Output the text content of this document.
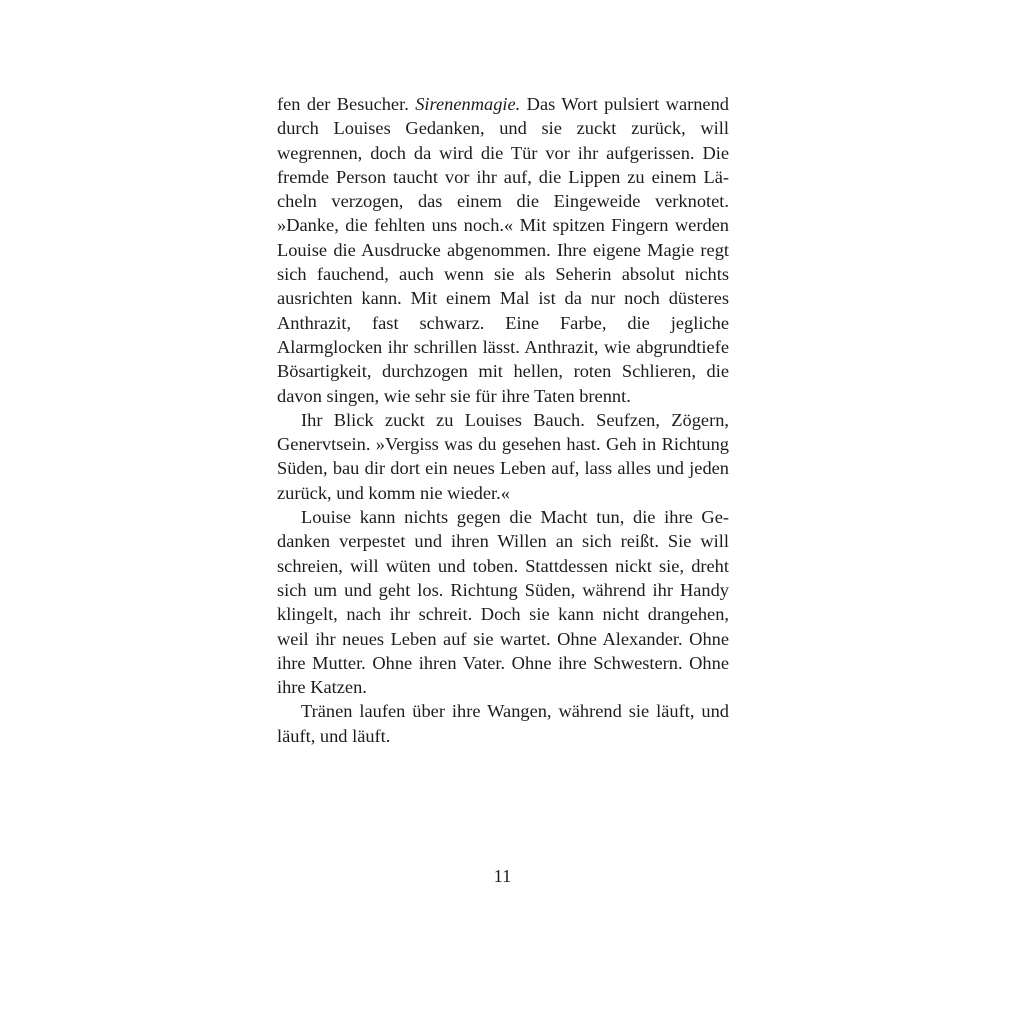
fen der Besucher. Sirenenmagie. Das Wort pulsiert warnend durch Louises Gedanken, und sie zuckt zurück, will wegrennen, doch da wird die Tür vor ihr aufgerissen. Die fremde Person taucht vor ihr auf, die Lippen zu einem Lächeln verzogen, das einem die Eingeweide verknotet. »Danke, die fehlten uns noch.« Mit spitzen Fingern werden Louise die Ausdrucke abgenommen. Ihre eigene Magie regt sich fauchend, auch wenn sie als Seherin absolut nichts ausrichten kann. Mit einem Mal ist da nur noch düsteres Anthrazit, fast schwarz. Eine Farbe, die jegliche Alarmglocken ihr schrillen lässt. Anthrazit, wie abgrundtiefe Bösartigkeit, durchzogen mit hellen, roten Schlieren, die davon singen, wie sehr sie für ihre Taten brennt.

Ihr Blick zuckt zu Louises Bauch. Seufzen, Zögern, Genervtsein. »Vergiss was du gesehen hast. Geh in Richtung Süden, bau dir dort ein neues Leben auf, lass alles und jeden zurück, und komm nie wieder.«

Louise kann nichts gegen die Macht tun, die ihre Gedanken verpestet und ihren Willen an sich reißt. Sie will schreien, will wüten und toben. Stattdessen nickt sie, dreht sich um und geht los. Richtung Süden, während ihr Handy klingelt, nach ihr schreit. Doch sie kann nicht drangehen, weil ihr neues Leben auf sie wartet. Ohne Alexander. Ohne ihre Mutter. Ohne ihren Vater. Ohne ihre Schwestern. Ohne ihre Katzen.

Tränen laufen über ihre Wangen, während sie läuft, und läuft, und läuft.

11
